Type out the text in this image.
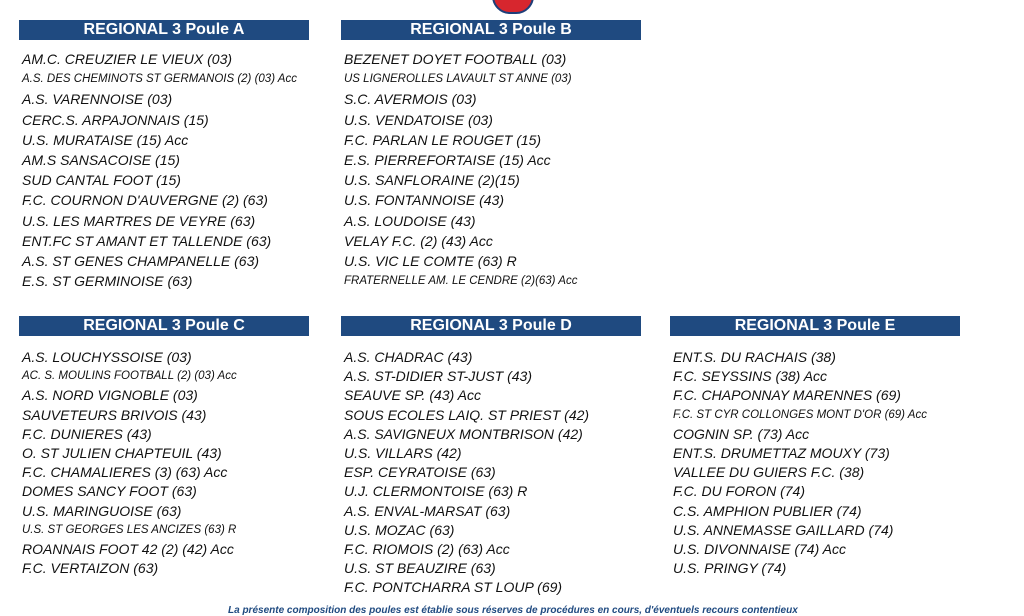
REGIONAL 3 Poule A
AM.C. CREUZIER LE VIEUX (03)
A.S. DES CHEMINOTS ST GERMANOIS (2) (03) Acc
A.S. VARENNOISE (03)
CERC.S. ARPAJONNAIS (15)
U.S. MURATAISE (15) Acc
AM.S SANSACOISE (15)
SUD CANTAL FOOT (15)
F.C. COURNON D'AUVERGNE (2) (63)
U.S. LES MARTRES DE VEYRE (63)
ENT.FC ST AMANT ET TALLENDE (63)
A.S. ST GENES CHAMPANELLE (63)
E.S. ST GERMINOISE (63)
REGIONAL 3 Poule B
BEZENET DOYET FOOTBALL (03)
US LIGNEROLLES LAVAULT ST ANNE (03)
S.C. AVERMOIS (03)
U.S. VENDATOISE (03)
F.C. PARLAN LE ROUGET (15)
E.S. PIERREFORTAISE (15) Acc
U.S. SANFLORAINE (2)(15)
U.S. FONTANNOISE (43)
A.S. LOUDOISE (43)
VELAY F.C. (2) (43) Acc
U.S. VIC LE COMTE (63) R
FRATERNELLE AM. LE CENDRE (2)(63) Acc
REGIONAL 3 Poule C
A.S. LOUCHYSSOISE (03)
AC. S. MOULINS FOOTBALL (2) (03) Acc
A.S. NORD VIGNOBLE (03)
SAUVETEURS BRIVOIS (43)
F.C. DUNIERES (43)
O. ST JULIEN CHAPTEUIL (43)
F.C. CHAMALIERES (3) (63) Acc
DOMES SANCY FOOT (63)
U.S. MARINGUOISE (63)
U.S. ST GEORGES LES ANCIZES (63) R
ROANNAIS FOOT 42 (2) (42) Acc
F.C. VERTAIZON (63)
REGIONAL 3 Poule D
A.S. CHADRAC (43)
A.S. ST-DIDIER ST-JUST (43)
SEAUVE SP. (43) Acc
SOUS ECOLES LAIQ. ST PRIEST (42)
A.S. SAVIGNEUX MONTBRISON (42)
U.S. VILLARS (42)
ESP. CEYRATOISE (63)
U.J. CLERMONTOISE (63) R
A.S. ENVAL-MARSAT (63)
U.S. MOZAC (63)
F.C. RIOMOIS (2) (63) Acc
U.S. ST BEAUZIRE (63)
F.C. PONTCHARRA ST LOUP (69)
REGIONAL 3 Poule E
ENT.S. DU RACHAIS (38)
F.C. SEYSSINS (38) Acc
F.C. CHAPONNAY MARENNES (69)
F.C. ST CYR COLLONGES MONT D'OR (69) Acc
COGNIN SP. (73) Acc
ENT.S. DRUMETTAZ MOUXY (73)
VALLEE DU GUIERS F.C. (38)
F.C. DU FORON (74)
C.S. AMPHION PUBLIER (74)
U.S. ANNEMASSE GAILLARD (74)
U.S. DIVONNAISE (74) Acc
U.S. PRINGY (74)
La présente composition des poules est établie sous réserves de procédures en cours, d'éventuels recours contentieux
